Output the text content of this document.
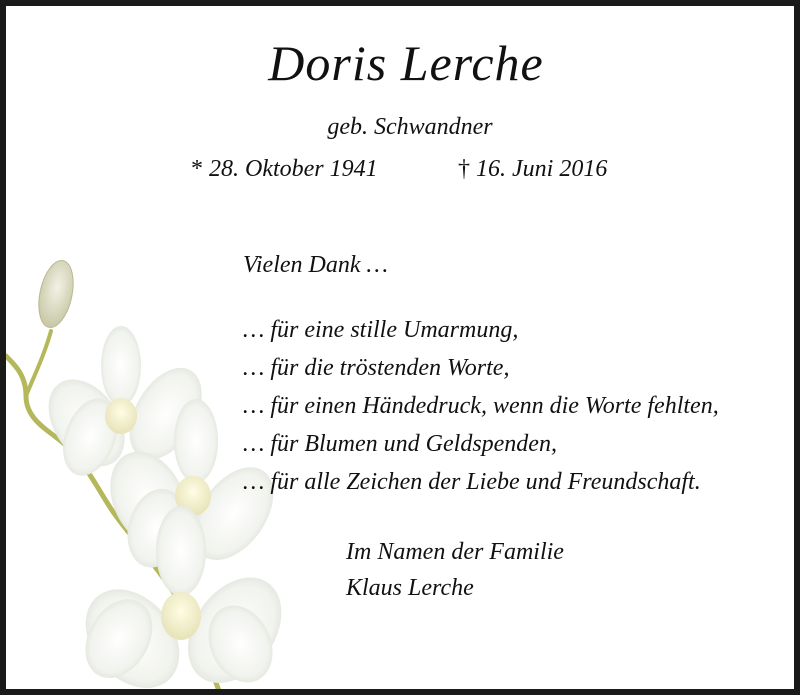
Doris Lerche
geb. Schwandner
* 28. Oktober 1941	† 16. Juni 2016
Vielen Dank …
… für eine stille Umarmung,
… für die tröstenden Worte,
… für einen Händedruck, wenn die Worte fehlten,
… für Blumen und Geldspenden,
… für alle Zeichen der Liebe und Freundschaft.
Im Namen der Familie
Klaus Lerche
